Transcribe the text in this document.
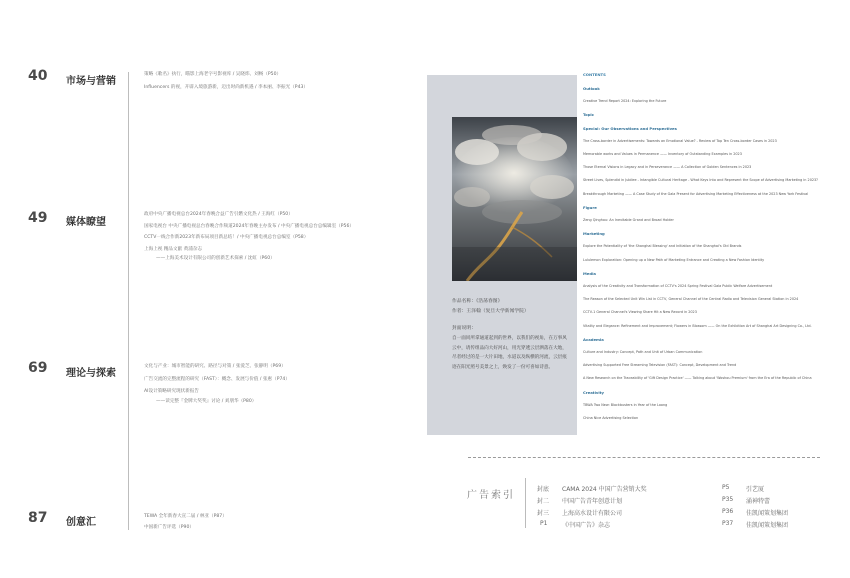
40 市场与营销
策略《歌名》执行，瞄影上海老字号影视库 / 吴晓炜、刘畅（P50）
Influencers 的视，开辟入境旅游新，迈出时尚新机遇 / 李本丽、李振光（P43）
49 媒体瞭望
政府中央广播电视总台2024年春晚合益广告引燃文化热 / 王海红（P50）
国家电视台 中央广播电视总台春晚合作频道2024年春晚主办发布 / 中央广播电视总台总编辑室（P56）
CCTV一线合作新2023年新布局项目新总结！/ 中央广播电视总台总编室（P58）
上海上视 精品文献 黄浦杂志
——上海美术设计有限公司的创新艺术探索 / 沈虹（P60）
69 理论与探索
文化与产业：城市智能的研究、路径与对策 / 张爱芝、张静明（P69）
广告交流的完整流程的研究（FAST）：概念、发展与价值 / 张惠（P74）
AI设计策略研究现状新报告
——读完整『金牌大奖奖』讨论 / 刘朋华（P80）
87 创意汇
TEWA 全年新春大宣二届 / 林亚（P87）
中国新广告评选（P90）
作品名称：《浩荡春图》
作者：王泽翰（复旦大学新闻学院）
封面说明：
自一面同所拿通道起到的世界，以我们的视角，在万事风云中，请传组品向大好河山，用光穿透云层洒落在大地，尽者经过的是一大片田地，水道以及纵横的河流，云层痕迹在阳光照号美景之上，焕发了一份可喜如诗意。
CONTENTS
Outlook
Creative Trend Report 2024: Exploring the Future
Topic
Special: Our Observations and Perspectives
The Cross-border in Advertisements: Towards an Emotional Value? - Review of Top Ten Cross-border Cases in 2023
Memorable works and Values in Permanence —— Inventory of Outstanding Examples in 2023
Those Eternal Visions in Legacy and in Perseverance —— A Collection of Golden Sentences in 2023
Street Lives, Splendid in Jubilee - Intangible Cultural Heritage - What Keys Into and Represent the Scope of Advertising Marketing in 2023?
Breakthrough Marketing —— A Case Study of the Gala Present for Advertising Marketing Effectiveness at the 2023 New York Festival
Figure
Zeng Qinghou: An Inevitable Grand and Broad Holder
Marketing
Explore the Potentiality of 'the Shanghai Blessing' and Initiation of the Shanghai's Old Brands
Lululemon Exploration: Opening up a New Path of Marketing Entrance and Creating a New Fashion Identity
Media
Analysis of the Creativity and Transformation of CCTV's 2024 Spring Festival Gala Public Welfare Advertisement
The Reason of the Selected Unit Win List in CCTV, General Channel of the Central Radio and Television General Station in 2024
CCTV-1 General Channel's Viewing Share Hit a New Record in 2023
Vitality and Elegance: Refinement and Improvement; Flowers in Blossom —— On the Exhibition Art of Shanghai Art Designing Co., Ltd.
Academia
Culture and Industry: Concept, Path and Unit of Urban Communication
Advertising Supported Free Streaming Television (FAST): Concept, Development and Trend
A New Research on the Traceability of 'Gift Design Practice' —— Talking about 'Woshou Premium' from the Era of the Republic of China
Creativity
TBWA Two New: Blockbusters in Year of the Loong
China Nice Advertising Selection
广告索引
封底 CAMA 2024 中国广告营销大奖
封二 中国广告青年创意计划
封三 上海高水设计有限公司
P1 《中国广告》杂志
P5	引艺厦
P35 涌神特蕾
P36 佳凯闻策划集团
P37 佳凯闻策划集团
